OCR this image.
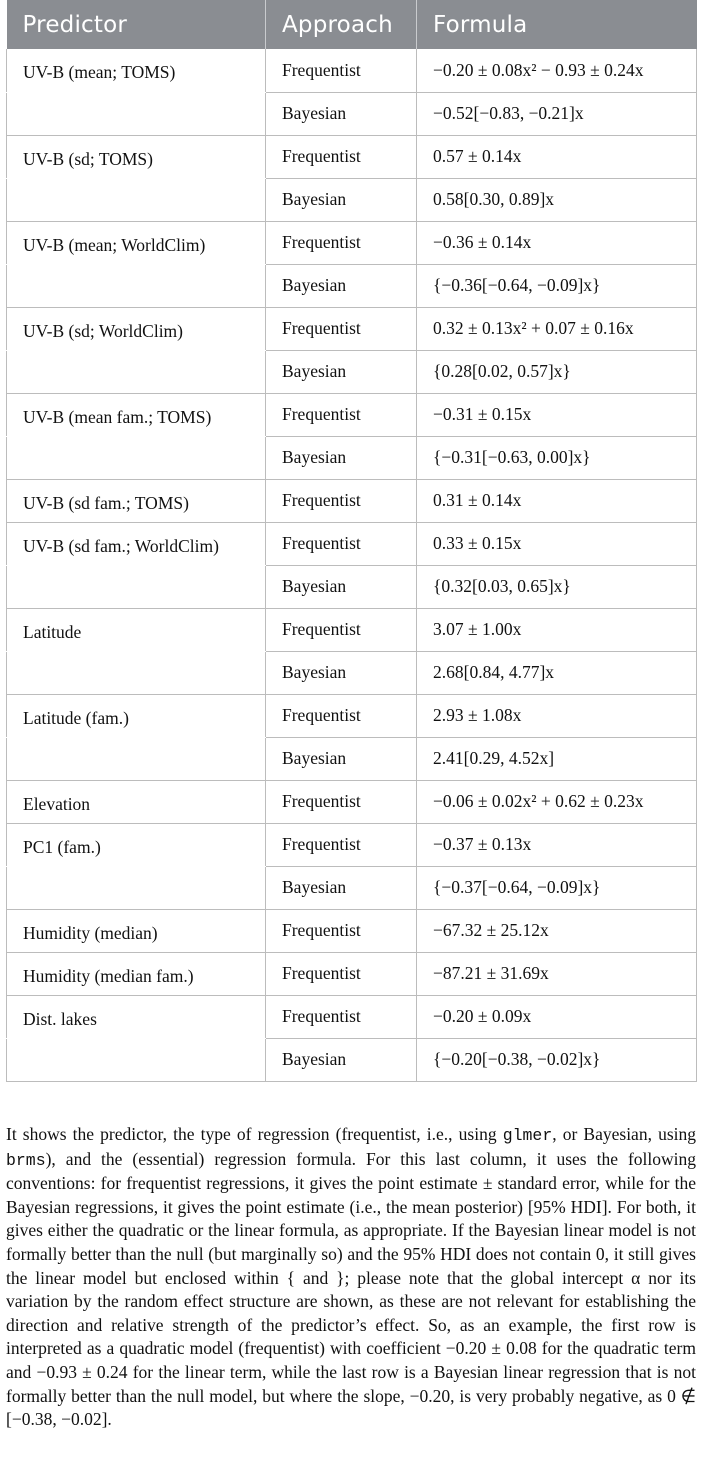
Predictor	Approach	Formula
UV-B (mean; TOMS)	Frequentist	−0.20 ± 0.08x² − 0.93 ± 0.24x
	Bayesian	−0.52[−0.83, −0.21]x
UV-B (sd; TOMS)	Frequentist	0.57 ± 0.14x
	Bayesian	0.58[0.30, 0.89]x
UV-B (mean; WorldClim)	Frequentist	−0.36 ± 0.14x
	Bayesian	{−0.36[−0.64, −0.09]x}
UV-B (sd; WorldClim)	Frequentist	0.32 ± 0.13x² + 0.07 ± 0.16x
	Bayesian	{0.28[0.02, 0.57]x}
UV-B (mean fam.; TOMS)	Frequentist	−0.31 ± 0.15x
	Bayesian	{−0.31[−0.63, 0.00]x}
UV-B (sd fam.; TOMS)	Frequentist	0.31 ± 0.14x
UV-B (sd fam.; WorldClim)	Frequentist	0.33 ± 0.15x
	Bayesian	{0.32[0.03, 0.65]x}
Latitude	Frequentist	3.07 ± 1.00x
	Bayesian	2.68[0.84, 4.77]x
Latitude (fam.)	Frequentist	2.93 ± 1.08x
	Bayesian	2.41[0.29, 4.52x]
Elevation	Frequentist	−0.06 ± 0.02x² + 0.62 ± 0.23x
PC1 (fam.)	Frequentist	−0.37 ± 0.13x
	Bayesian	{−0.37[−0.64, −0.09]x}
Humidity (median)	Frequentist	−67.32 ± 25.12x
Humidity (median fam.)	Frequentist	−87.21 ± 31.69x
Dist. lakes	Frequentist	−0.20 ± 0.09x
	Bayesian	{−0.20[−0.38, −0.02]x}

It shows the predictor, the type of regression (frequentist, i.e., using glmer, or Bayesian, using brms), and the (essential) regression formula. For this last column, it uses the following conventions: for frequentist regressions, it gives the point estimate ± standard error, while for the Bayesian regressions, it gives the point estimate (i.e., the mean posterior) [95% HDI]. For both, it gives either the quadratic or the linear formula, as appropriate. If the Bayesian linear model is not formally better than the null (but marginally so) and the 95% HDI does not contain 0, it still gives the linear model but enclosed within { and }; please note that the global intercept α nor its variation by the random effect structure are shown, as these are not relevant for establishing the direction and relative strength of the predictor’s effect. So, as an example, the first row is interpreted as a quadratic model (frequentist) with coefficient −0.20 ± 0.08 for the quadratic term and −0.93 ± 0.24 for the linear term, while the last row is a Bayesian linear regression that is not formally better than the null model, but where the slope, −0.20, is very probably negative, as 0 ∉ [−0.38, −0.02].
